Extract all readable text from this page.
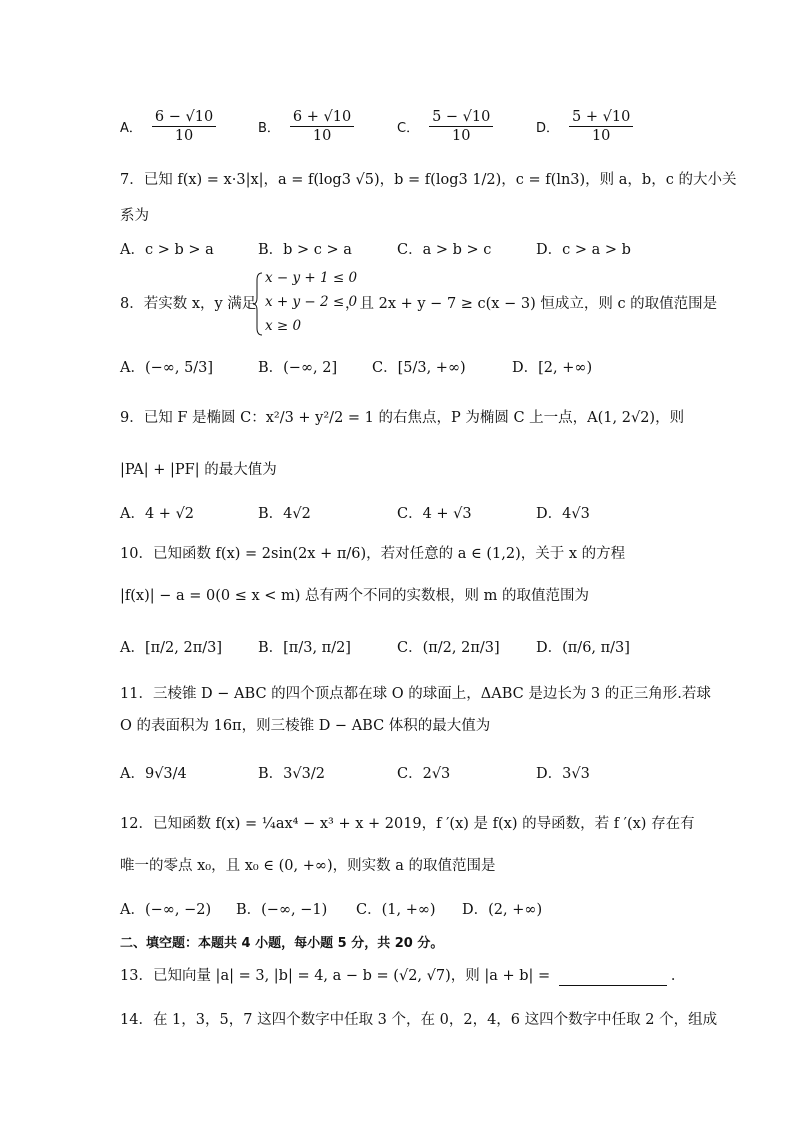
A． $\frac{6 - √10}{10}$	B． $\frac{6 + √10}{10}$	C． $\frac{5 - √10}{10}$	D． $\frac{5 + √10}{10}$
7．已知 f(x) = x·3|x|，a = f(log3 √5)，b = f(log3 1/2)，c = f(ln3)，则 a，b，c 的大小关
系为
A．c > b > a	B．b > c > a	C．a > b > c	D．c > a > b
8．若实数 x，y 满足
x − y + 1 ≤ 0
x + y − 2 ≤ 0
x ≥ 0
，且 2x + y − 7 ≥ c(x − 3) 恒成立，则 c 的取值范围是
A．(−∞, 5/3]	B．(−∞, 2] C．[5/3, +∞)	D．[2, +∞)
9．已知 F 是椭圆 C：x²/3 + y²/2 = 1 的右焦点，P 为椭圆 C 上一点，A(1, 2√2)，则
|PA| + |PF| 的最大值为
A．4 + √2	B．4√2	C．4 + √3	D．4√3
10．已知函数 f(x) = 2sin(2x + π/6)，若对任意的 a ∈ (1,2)，关于 x 的方程
|f(x)| − a = 0(0 ≤ x < m) 总有两个不同的实数根，则 m 的取值范围为
A．[π/2, 2π/3] B．[π/3, π/2]	C．(π/2, 2π/3]	D．(π/6, π/3]
11．三棱锥 D − ABC 的四个顶点都在球 O 的球面上，ΔABC 是边长为 3 的正三角形.若球
O 的表面积为 16π，则三棱锥 D − ABC 体积的最大值为
A．9√3/4	B．3√3/2	C．2√3	D．3√3
12．已知函数 f(x) = ¼ax⁴ − x³ + x + 2019，f ′(x) 是 f(x) 的导函数，若 f ′(x) 存在有
唯一的零点 x₀，且 x₀ ∈ (0, +∞)，则实数 a 的取值范围是
A．(−∞, −2) B．(−∞, −1) C．(1, +∞) D．(2, +∞)
二、填空题：本题共 4 小题，每小题 5 分，共 20 分。
13．已知向量 |a| = 3, |b| = 4, a − b = (√2, √7)，则 |a + b| =	．
14．在 1，3，5，7 这四个数字中任取 3 个，在 0，2，4，6 这四个数字中任取 2 个，组成
